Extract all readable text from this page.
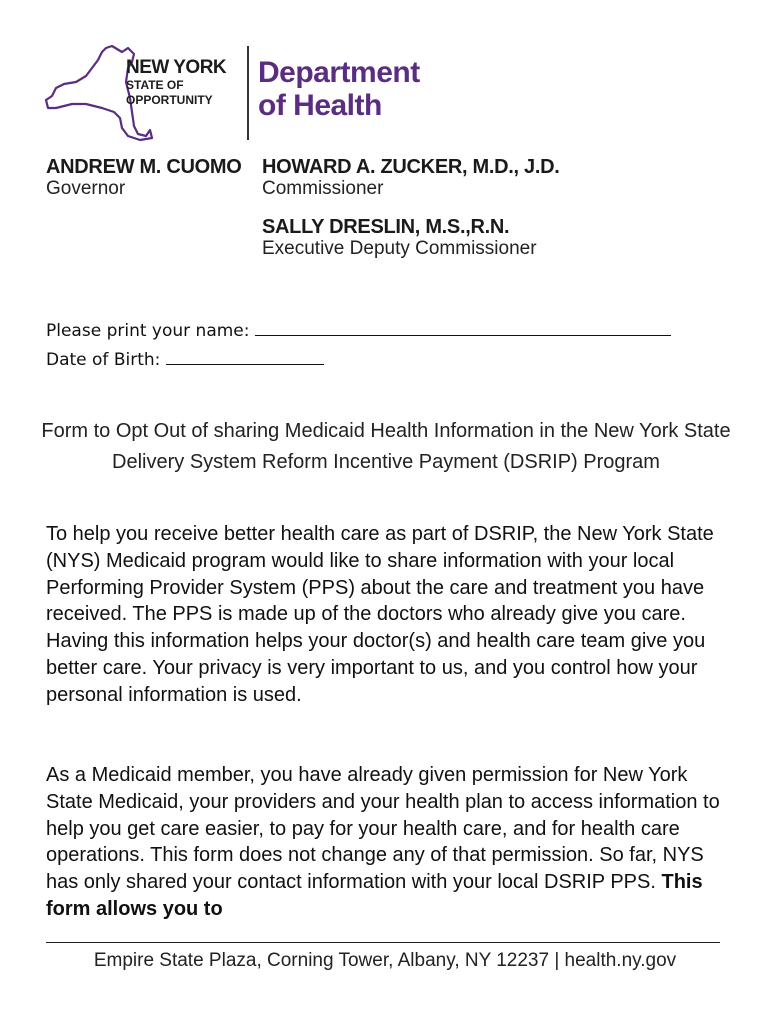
NEW YORK
STATE OF
OPPORTUNITY
Department
of Health
ANDREW M. CUOMO
Governor
HOWARD A. ZUCKER, M.D., J.D.
Commissioner
SALLY DRESLIN, M.S.,R.N.
Executive Deputy Commissioner
Please print your name:
Date of Birth:
Form to Opt Out of sharing Medicaid Health Information in the New York State Delivery System Reform Incentive Payment (DSRIP) Program

To help you receive better health care as part of DSRIP, the New York State (NYS) Medicaid program would like to share information with your local Performing Provider System (PPS) about the care and treatment you have received. The PPS is made up of the doctors who already give you care. Having this information helps your doctor(s) and health care team give you better care. Your privacy is very important to us, and you control how your personal information is used.

As a Medicaid member, you have already given permission for New York State Medicaid, your providers and your health plan to access information to help you get care easier, to pay for your health care, and for health care operations. This form does not change any of that permission. So far, NYS has only shared your contact information with your local DSRIP PPS. This form allows you to

Empire State Plaza, Corning Tower, Albany, NY 12237 | health.ny.gov
